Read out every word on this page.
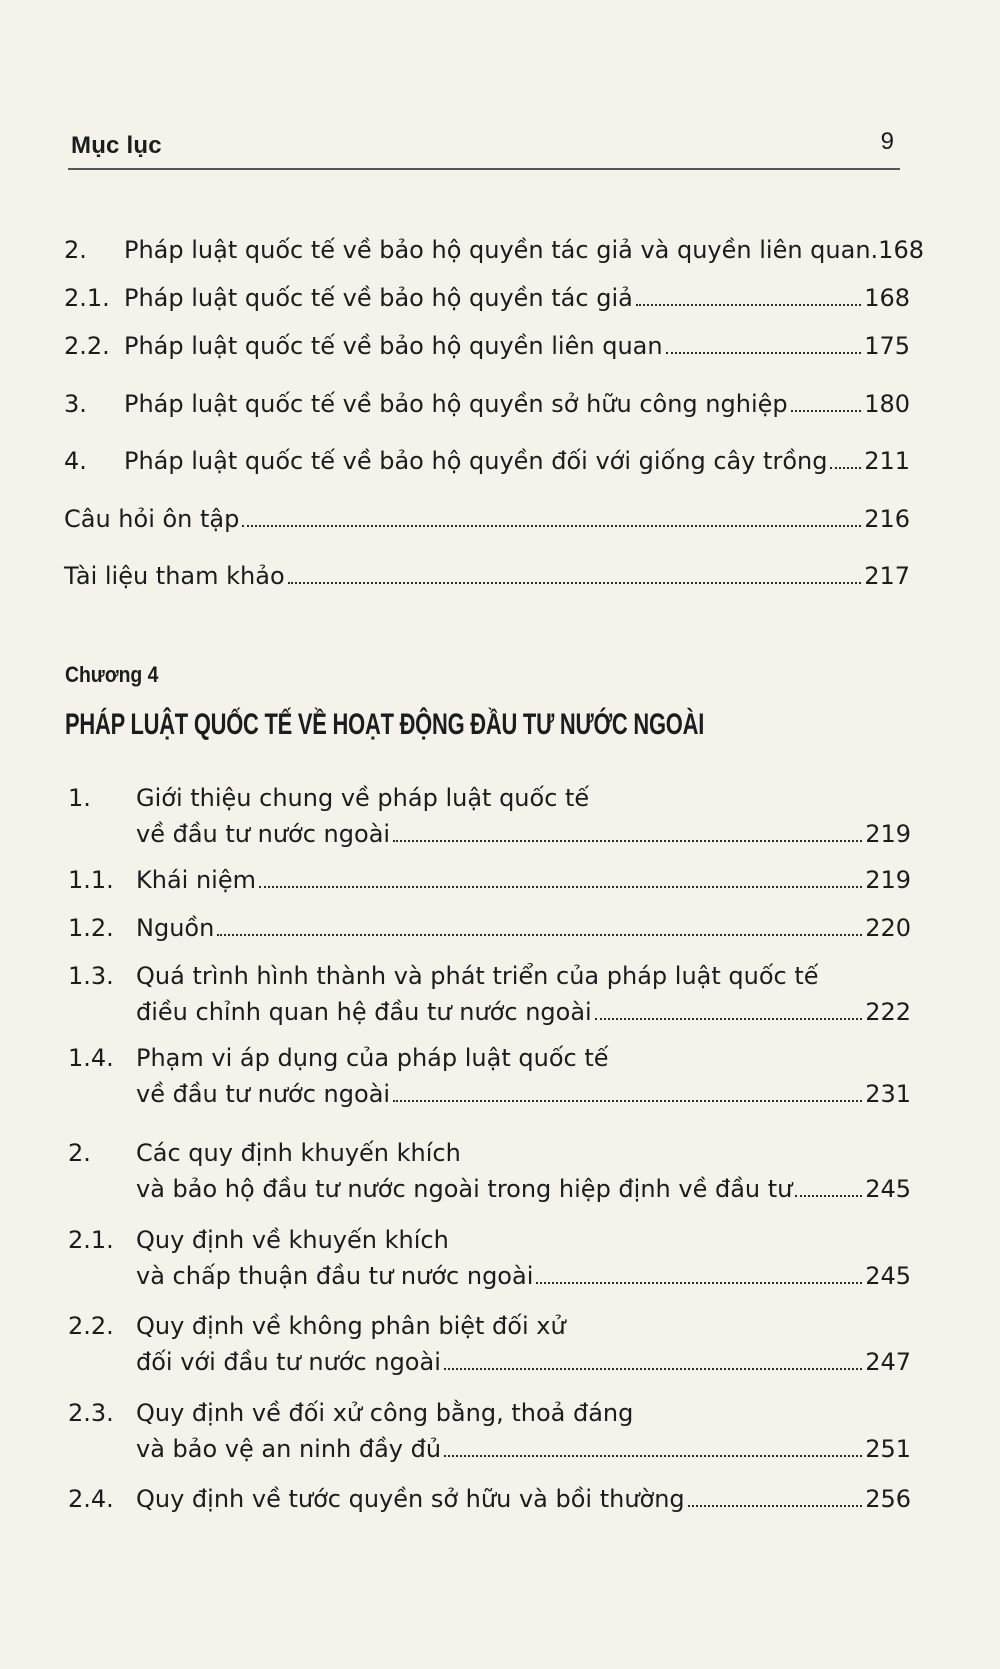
Mục lục	9
2. Pháp luật quốc tế về bảo hộ quyền tác giả và quyền liên quan .168
2.1. Pháp luật quốc tế về bảo hộ quyền tác giả	168
2.2. Pháp luật quốc tế về bảo hộ quyền liên quan	175
3. Pháp luật quốc tế về bảo hộ quyền sở hữu công nghiệp	180
4. Pháp luật quốc tế về bảo hộ quyền đối với giống cây trồng 211
Câu hỏi ôn tập	216
Tài liệu tham khảo	217
Chương 4
PHÁP LUẬT QUỐC TẾ VỀ HOẠT ĐỘNG ĐẦU TƯ NƯỚC NGOÀI
1. Giới thiệu chung về pháp luật quốc tế
về đầu tư nước ngoài	219
1.1. Khái niệm	219
1.2. Nguồn	220
1.3. Quá trình hình thành và phát triển của pháp luật quốc tế
điều chỉnh quan hệ đầu tư nước ngoài	222
1.4. Phạm vi áp dụng của pháp luật quốc tế
về đầu tư nước ngoài	231
2. Các quy định khuyến khích
và bảo hộ đầu tư nước ngoài trong hiệp định về đầu tư	245
2.1. Quy định về khuyến khích
và chấp thuận đầu tư nước ngoài	245
2.2. Quy định về không phân biệt đối xử
đối với đầu tư nước ngoài	247
2.3. Quy định về đối xử công bằng, thoả đáng
và bảo vệ an ninh đầy đủ	251
2.4. Quy định về tước quyền sở hữu và bồi thường	256
